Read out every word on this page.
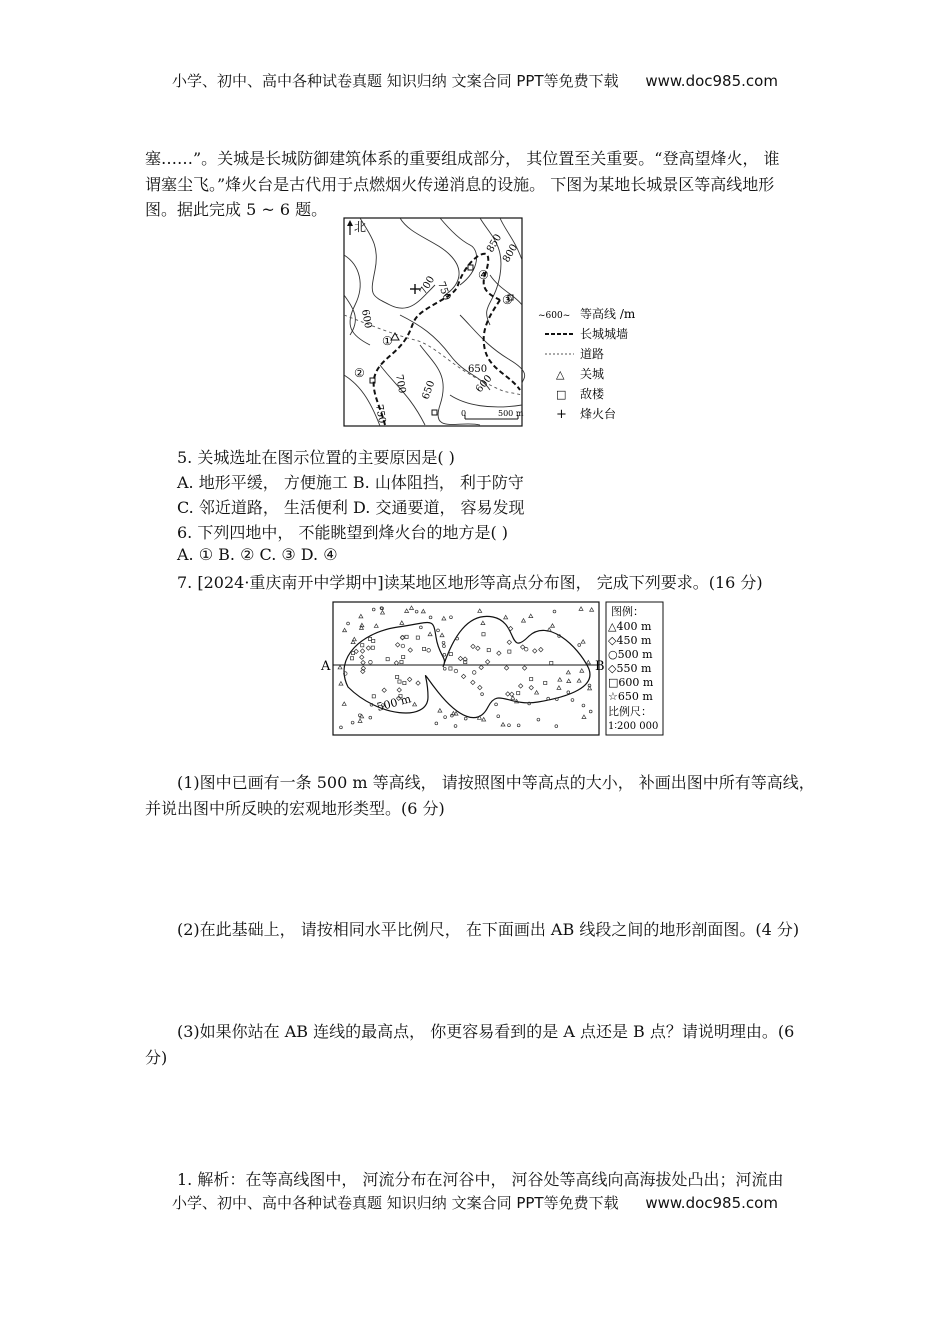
小学、初中、高中各种试卷真题 知识归纳 文案合同 PPT等免费下载 www.doc985.com
塞……”。关城是长城防御建筑体系的重要组成部分， 其位置至关重要。“登高望烽火， 谁
谓塞尘飞。”烽火台是古代用于点燃烟火传递消息的设施。 下图为某地长城景区等高线地形
图。据此完成 5 ~ 6 题。
北
①
②
③
④
600
700
750
850
800
700
650
650	600
750	0	500 m
~600~ 等高线 /m
长城城墙
道路
△ 关城
□ 敌楼
+ 烽火台
5. 关城选址在图示位置的主要原因是( )
A. 地形平缓， 方便施工 B. 山体阻挡， 利于防守
C. 邻近道路， 生活便利 D. 交通要道， 容易发现
6. 下列四地中， 不能眺望到烽火台的地方是( )
A. ① B. ② C. ③ D. ④
7. [2024·重庆南开中学期中]读某地区地形等高点分布图， 完成下列要求。(16 分)
A	B
500 m
图例：
△400 m
◇450 m
○500 m
◇550 m
□600 m
☆650 m
比例尺：
1∶200 000
(1)图中已画有一条 500 m 等高线， 请按照图中等高点的大小， 补画出图中所有等高线，
并说出图中所反映的宏观地形类型。(6 分)
(2)在此基础上， 请按相同水平比例尺， 在下面画出 AB 线段之间的地形剖面图。(4 分)
(3)如果你站在 AB 连线的最高点， 你更容易看到的是 A 点还是 B 点？请说明理由。(6
分)
1. 解析：在等高线图中， 河流分布在河谷中， 河谷处等高线向高海拔处凸出；河流由
小学、初中、高中各种试卷真题 知识归纳 文案合同 PPT等免费下载 www.doc985.com
